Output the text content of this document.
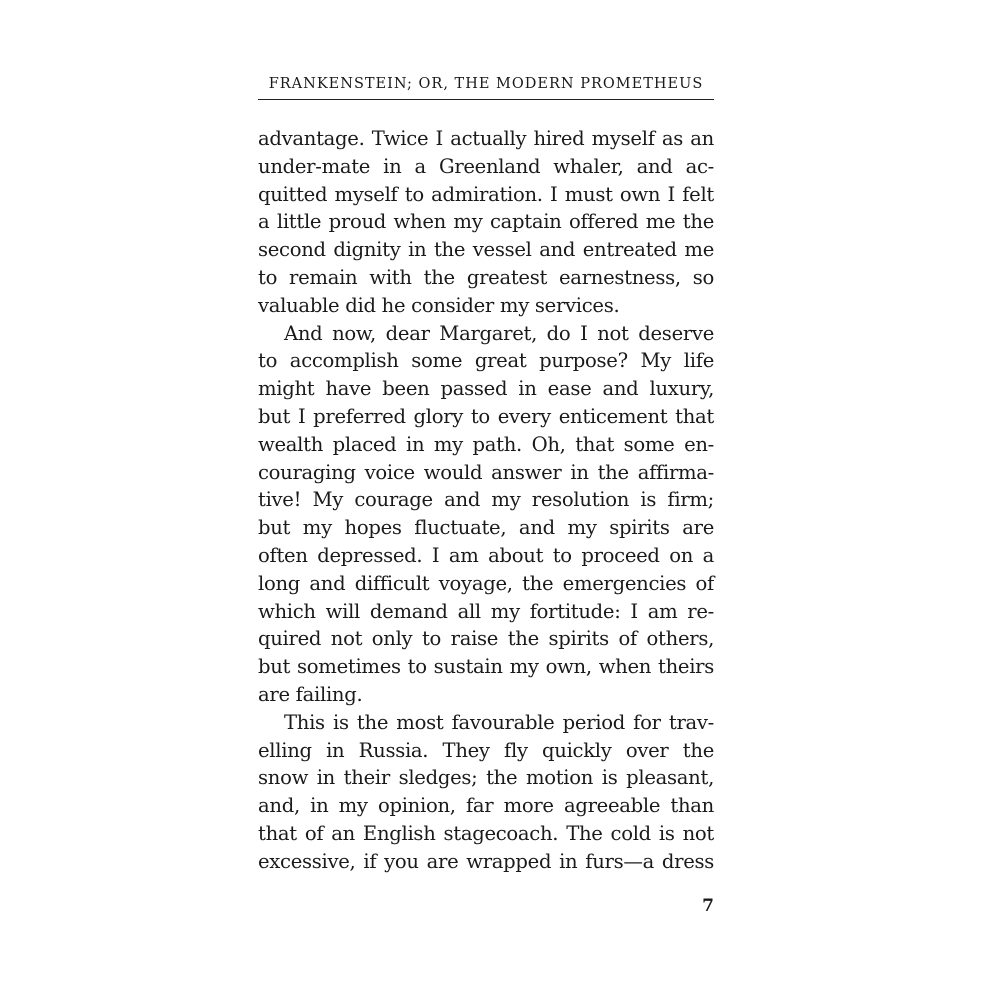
FRANKENSTEIN; OR, THE MODERN PROMETHEUS
advantage. Twice I actually hired myself as an
under-mate in a Greenland whaler, and ac-
quitted myself to admiration. I must own I felt
a little proud when my captain offered me the
second dignity in the vessel and entreated me
to remain with the greatest earnestness, so
valuable did he consider my services.
And now, dear Margaret, do I not deserve
to accomplish some great purpose? My life
might have been passed in ease and luxury,
but I preferred glory to every enticement that
wealth placed in my path. Oh, that some en-
couraging voice would answer in the affirma-
tive! My courage and my resolution is firm;
but my hopes fluctuate, and my spirits are
often depressed. I am about to proceed on a
long and difficult voyage, the emergencies of
which will demand all my fortitude: I am re-
quired not only to raise the spirits of others,
but sometimes to sustain my own, when theirs
are failing.
This is the most favourable period for trav-
elling in Russia. They fly quickly over the
snow in their sledges; the motion is pleasant,
and, in my opinion, far more agreeable than
that of an English stagecoach. The cold is not
excessive, if you are wrapped in furs—a dress
7
